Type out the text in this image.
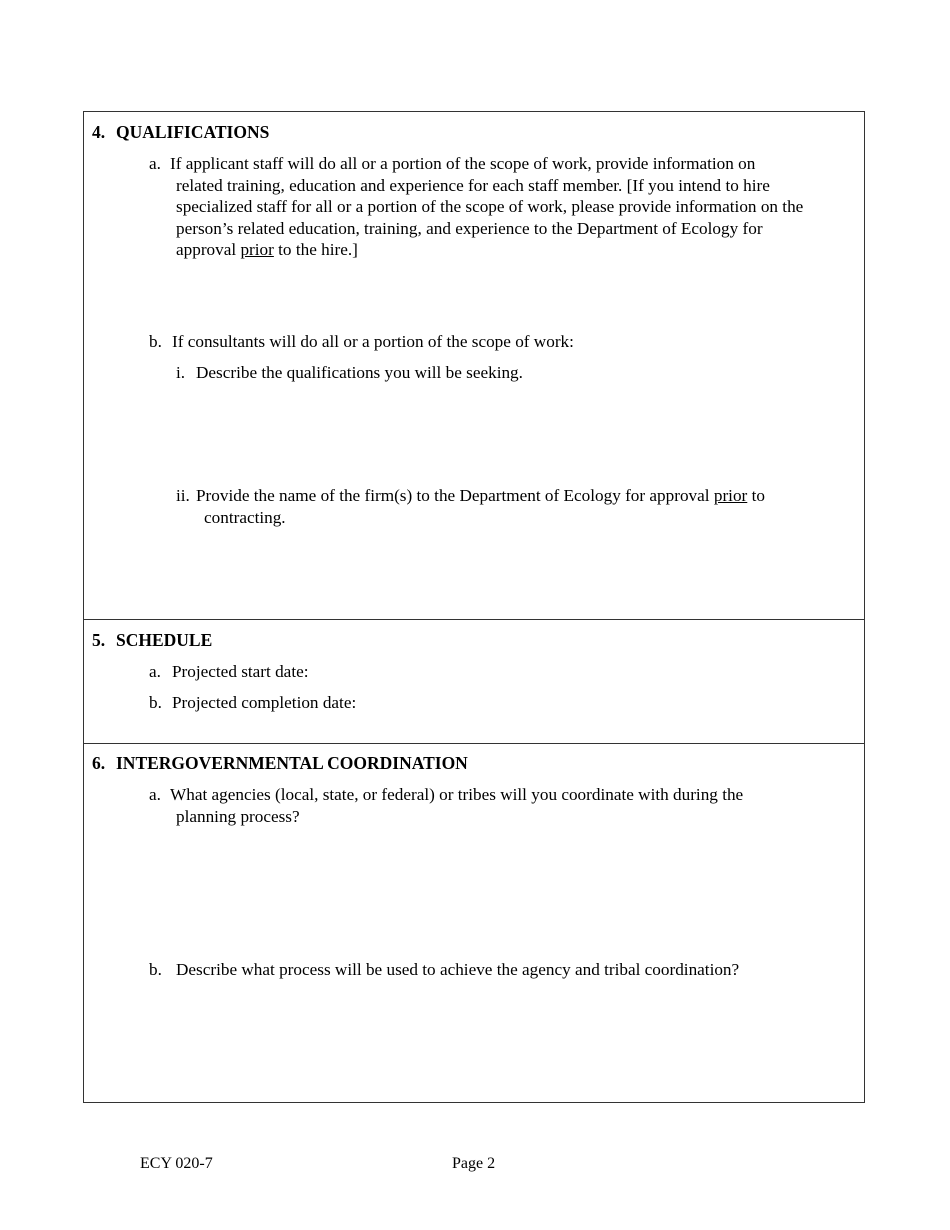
4. QUALIFICATIONS
a. If applicant staff will do all or a portion of the scope of work, provide information on
related training, education and experience for each staff member. [If you intend to hire
specialized staff for all or a portion of the scope of work, please provide information on the
person’s related education, training, and experience to the Department of Ecology for
approval prior to the hire.]
b. If consultants will do all or a portion of the scope of work:
i. Describe the qualifications you will be seeking.
ii. Provide the name of the firm(s) to the Department of Ecology for approval prior to
contracting.
5. SCHEDULE
a. Projected start date:
b. Projected completion date:
6. INTERGOVERNMENTAL COORDINATION
a. What agencies (local, state, or federal) or tribes will you coordinate with during the
planning process?
b. Describe what process will be used to achieve the agency and tribal coordination?
ECY 020-7	Page 2
